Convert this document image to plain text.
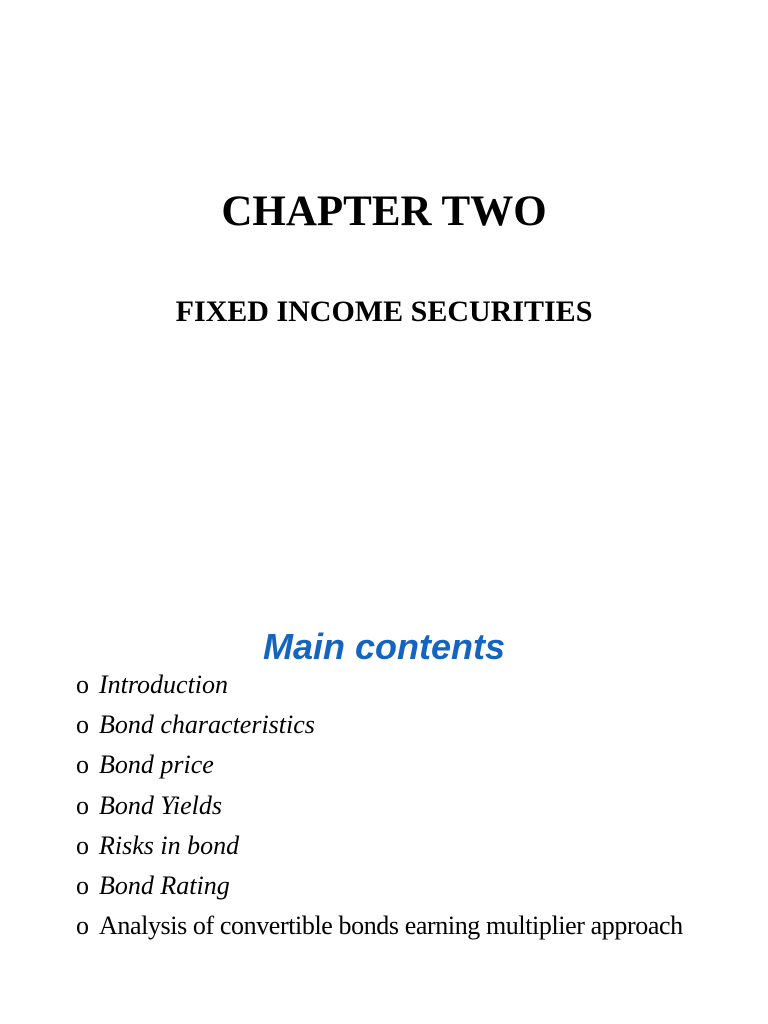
CHAPTER TWO
FIXED INCOME SECURITIES
Main contents
o Introduction
o Bond characteristics
o Bond price
o Bond Yields
o Risks in bond
o Bond Rating
o Analysis of convertible bonds earning multiplier approach
